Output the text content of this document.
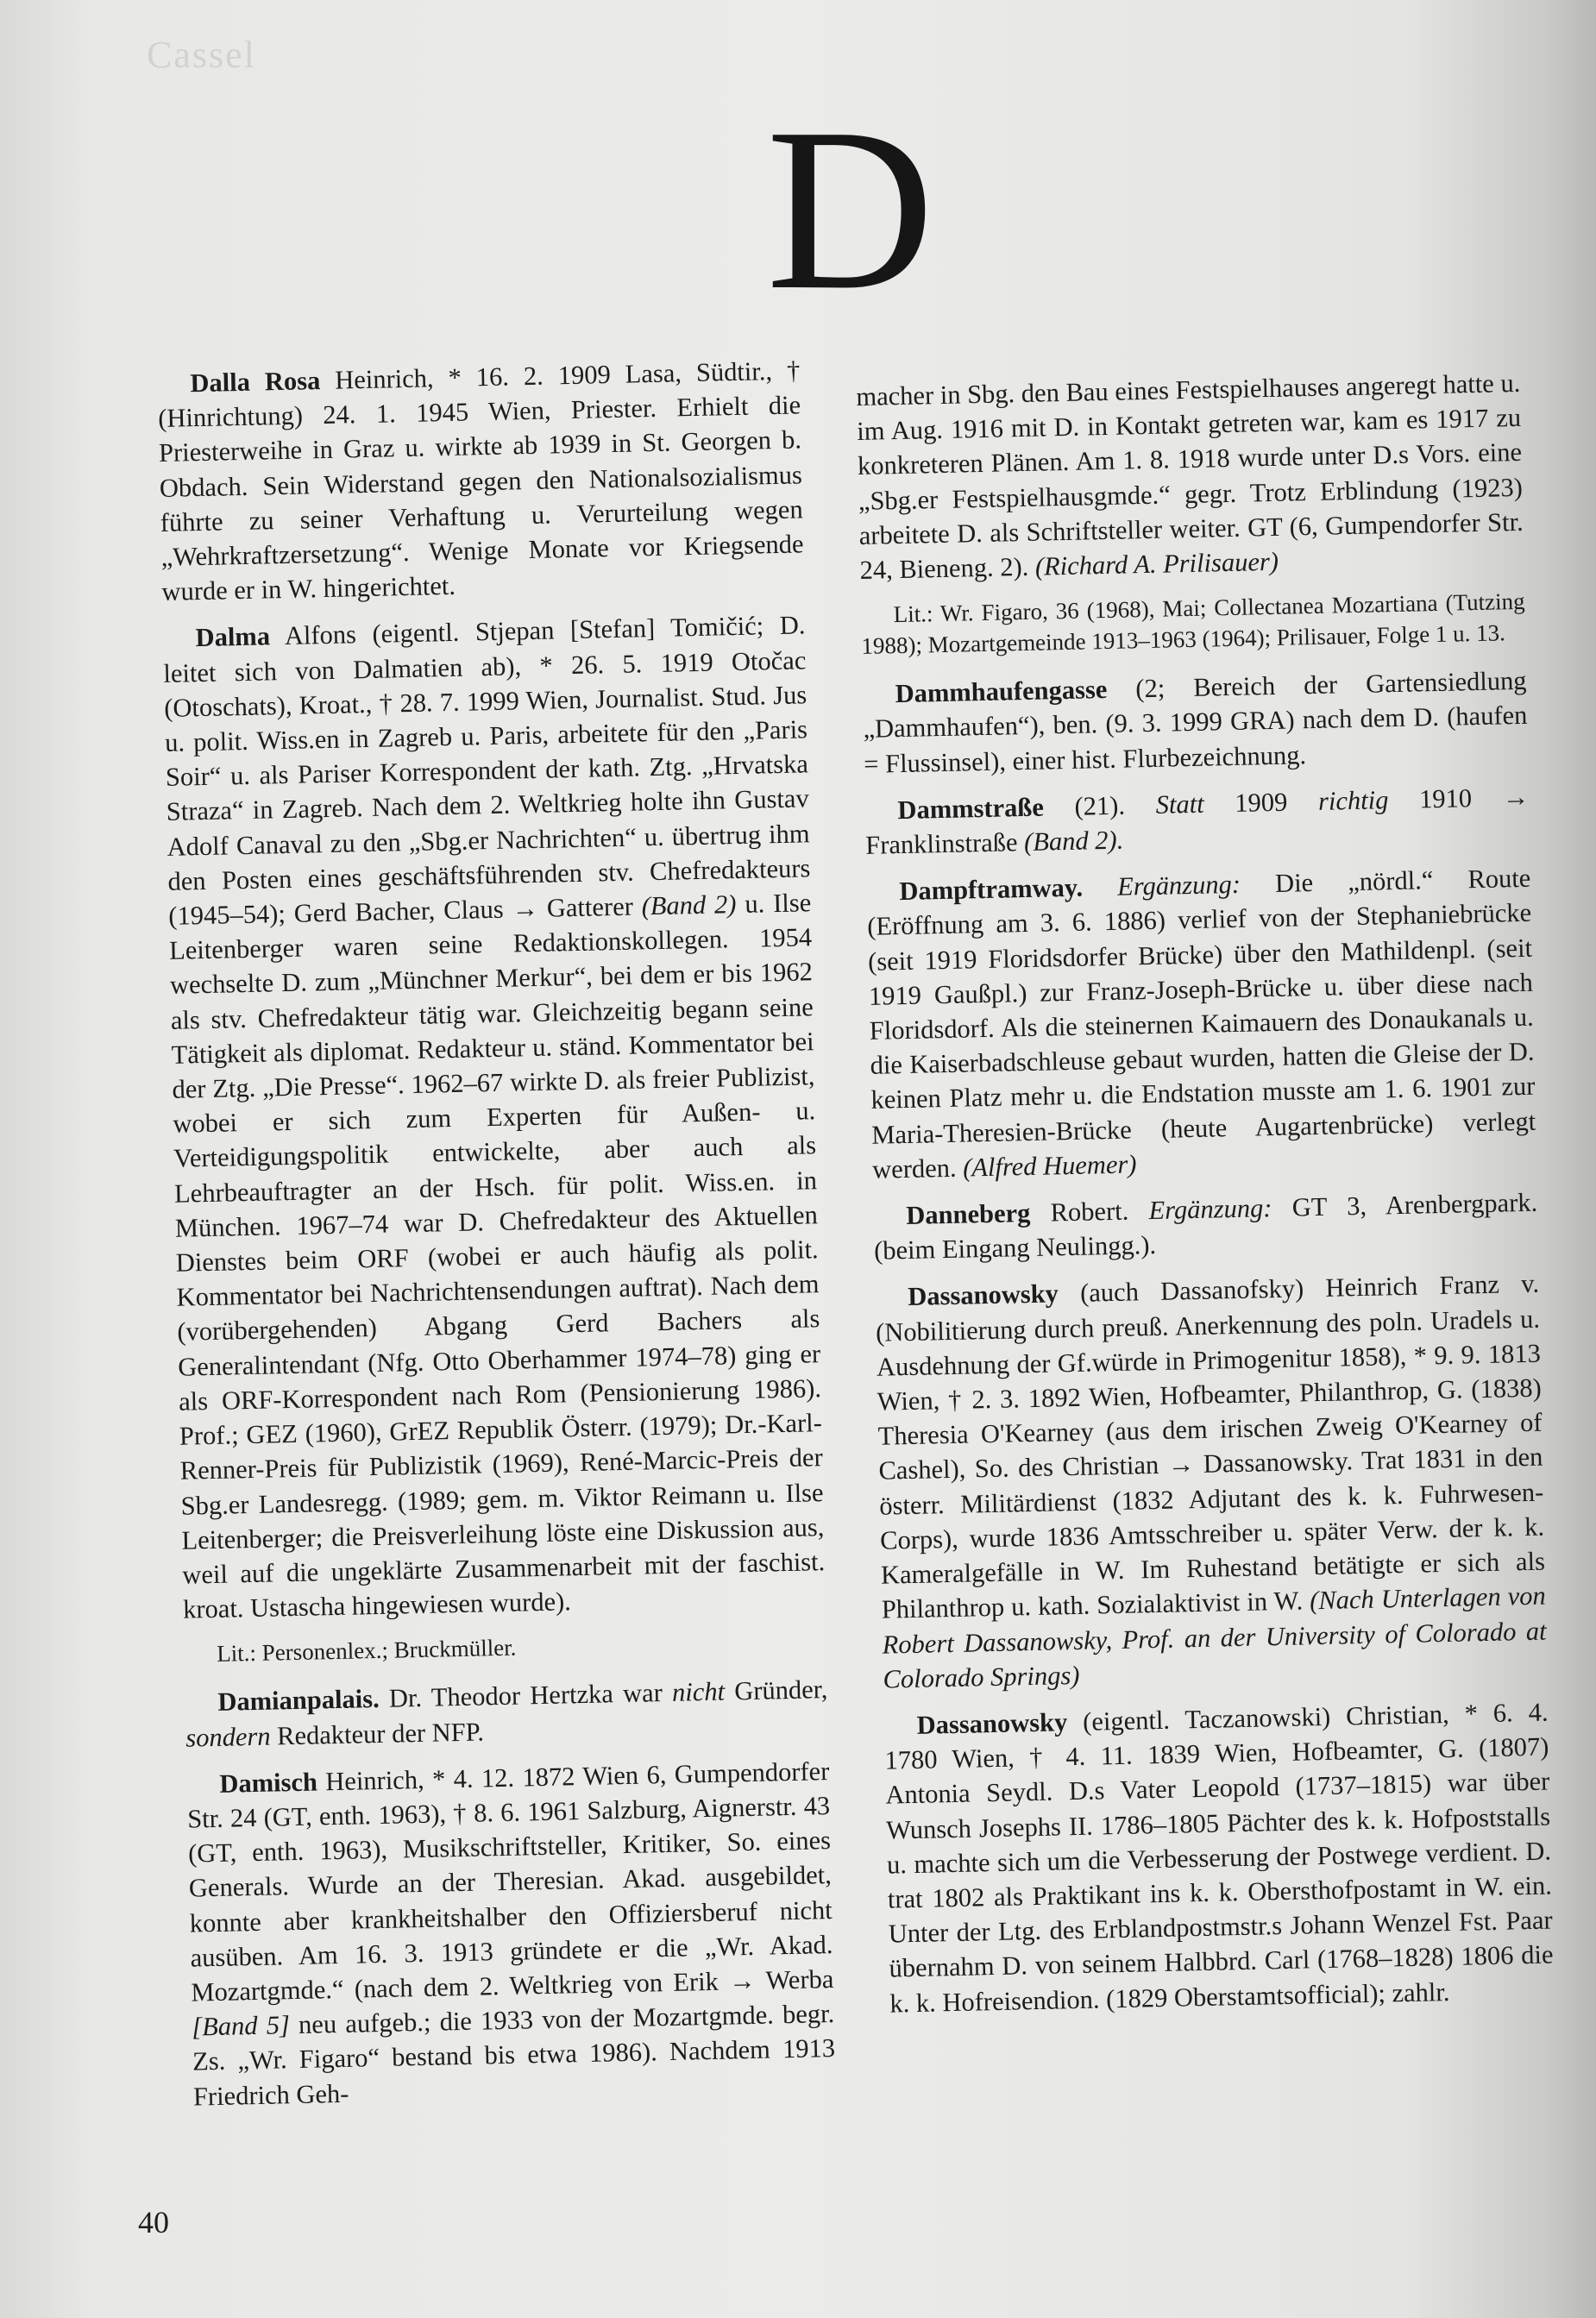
Cassel
D

Dalla Rosa Heinrich, * 16. 2. 1909 Lasa, Südtir., † (Hinrichtung) 24. 1. 1945 Wien, Priester. Erhielt die Priesterweihe in Graz u. wirkte ab 1939 in St. Georgen b. Obdach. Sein Widerstand gegen den Nationalsozialismus führte zu seiner Verhaftung u. Verurteilung wegen „Wehrkraftzersetzung“. Wenige Monate vor Kriegsende wurde er in W. hingerichtet.

Dalma Alfons (eigentl. Stjepan [Stefan] Tomičić; D. leitet sich von Dalmatien ab), * 26. 5. 1919 Otočac (Otoschats), Kroat., † 28. 7. 1999 Wien, Journalist. Stud. Jus u. polit. Wiss.en in Zagreb u. Paris, arbeitete für den „Paris Soir“ u. als Pariser Korrespondent der kath. Ztg. „Hrvatska Straza“ in Zagreb. Nach dem 2. Weltkrieg holte ihn Gustav Adolf Canaval zu den „Sbg.er Nachrichten“ u. übertrug ihm den Posten eines geschäftsführenden stv. Chefredakteurs (1945–54); Gerd Bacher, Claus → Gatterer (Band 2) u. Ilse Leitenberger waren seine Redaktionskollegen. 1954 wechselte D. zum „Münchner Merkur“, bei dem er bis 1962 als stv. Chefredakteur tätig war. Gleichzeitig begann seine Tätigkeit als diplomat. Redakteur u. ständ. Kommentator bei der Ztg. „Die Presse“. 1962–67 wirkte D. als freier Publizist, wobei er sich zum Experten für Außen- u. Verteidigungspolitik entwickelte, aber auch als Lehrbeauftragter an der Hsch. für polit. Wiss.en. in München. 1967–74 war D. Chefredakteur des Aktuellen Dienstes beim ORF (wobei er auch häufig als polit. Kommentator bei Nachrichtensendungen auftrat). Nach dem (vorübergehenden) Abgang Gerd Bachers als Generalintendant (Nfg. Otto Oberhammer 1974–78) ging er als ORF-Korrespondent nach Rom (Pensionierung 1986). Prof.; GEZ (1960), GrEZ Republik Österr. (1979); Dr.-Karl-Renner-Preis für Publizistik (1969), René-Marcic-Preis der Sbg.er Landesregg. (1989; gem. m. Viktor Reimann u. Ilse Leitenberger; die Preisverleihung löste eine Diskussion aus, weil auf die ungeklärte Zusammenarbeit mit der faschist. kroat. Ustascha hingewiesen wurde).

Lit.: Personenlex.; Bruckmüller.

Damianpalais. Dr. Theodor Hertzka war nicht Gründer, sondern Redakteur der NFP.

Damisch Heinrich, * 4. 12. 1872 Wien 6, Gumpendorfer Str. 24 (GT, enth. 1963), † 8. 6. 1961 Salzburg, Aignerstr. 43 (GT, enth. 1963), Musikschriftsteller, Kritiker, So. eines Generals. Wurde an der Theresian. Akad. ausgebildet, konnte aber krankheitshalber den Offiziersberuf nicht ausüben. Am 16. 3. 1913 gründete er die „Wr. Akad. Mozartgmde.“ (nach dem 2. Weltkrieg von Erik → Werba [Band 5] neu aufgeb.; die 1933 von der Mozartgmde. begr. Zs. „Wr. Figaro“ bestand bis etwa 1986). Nachdem 1913 Friedrich Geh-

macher in Sbg. den Bau eines Festspielhauses angeregt hatte u. im Aug. 1916 mit D. in Kontakt getreten war, kam es 1917 zu konkreteren Plänen. Am 1. 8. 1918 wurde unter D.s Vors. eine „Sbg.er Festspielhausgmde.“ gegr. Trotz Erblindung (1923) arbeitete D. als Schriftsteller weiter. GT (6, Gumpendorfer Str. 24, Bieneng. 2). (Richard A. Prilisauer)

Lit.: Wr. Figaro, 36 (1968), Mai; Collectanea Mozartiana (Tutzing 1988); Mozartgemeinde 1913–1963 (1964); Prilisauer, Folge 1 u. 13.

Dammhaufengasse (2; Bereich der Gartensiedlung „Dammhaufen“), ben. (9. 3. 1999 GRA) nach dem D. (haufen = Flussinsel), einer hist. Flurbezeichnung.

Dammstraße (21). Statt 1909 richtig 1910 → Franklinstraße (Band 2).

Dampftramway. Ergänzung: Die „nördl.“ Route (Eröffnung am 3. 6. 1886) verlief von der Stephaniebrücke (seit 1919 Floridsdorfer Brücke) über den Mathildenpl. (seit 1919 Gaußpl.) zur Franz-Joseph-Brücke u. über diese nach Floridsdorf. Als die steinernen Kaimauern des Donaukanals u. die Kaiserbadschleuse gebaut wurden, hatten die Gleise der D. keinen Platz mehr u. die Endstation musste am 1. 6. 1901 zur Maria-Theresien-Brücke (heute Augartenbrücke) verlegt werden. (Alfred Huemer)

Danneberg Robert. Ergänzung: GT 3, Arenbergpark. (beim Eingang Neulingg.).

Dassanowsky (auch Dassanofsky) Heinrich Franz v. (Nobilitierung durch preuß. Anerkennung des poln. Uradels u. Ausdehnung der Gf.würde in Primogenitur 1858), * 9. 9. 1813 Wien, † 2. 3. 1892 Wien, Hofbeamter, Philanthrop, G. (1838) Theresia O'Kearney (aus dem irischen Zweig O'Kearney of Cashel), So. des Christian → Dassanowsky. Trat 1831 in den österr. Militärdienst (1832 Adjutant des k. k. Fuhrwesen-Corps), wurde 1836 Amtsschreiber u. später Verw. der k. k. Kameralgefälle in W. Im Ruhestand betätigte er sich als Philanthrop u. kath. Sozialaktivist in W. (Nach Unterlagen von Robert Dassanowsky, Prof. an der University of Colorado at Colorado Springs)

Dassanowsky (eigentl. Taczanowski) Christian, * 6. 4. 1780 Wien, † 4. 11. 1839 Wien, Hofbeamter, G. (1807) Antonia Seydl. D.s Vater Leopold (1737–1815) war über Wunsch Josephs II. 1786–1805 Pächter des k. k. Hofpoststalls u. machte sich um die Verbesserung der Postwege verdient. D. trat 1802 als Praktikant ins k. k. Obersthofpostamt in W. ein. Unter der Ltg. des Erblandpostmstr.s Johann Wenzel Fst. Paar übernahm D. von seinem Halbbrd. Carl (1768–1828) 1806 die k. k. Hofreisendion. (1829 Oberstamtsofficial); zahlr.

40
